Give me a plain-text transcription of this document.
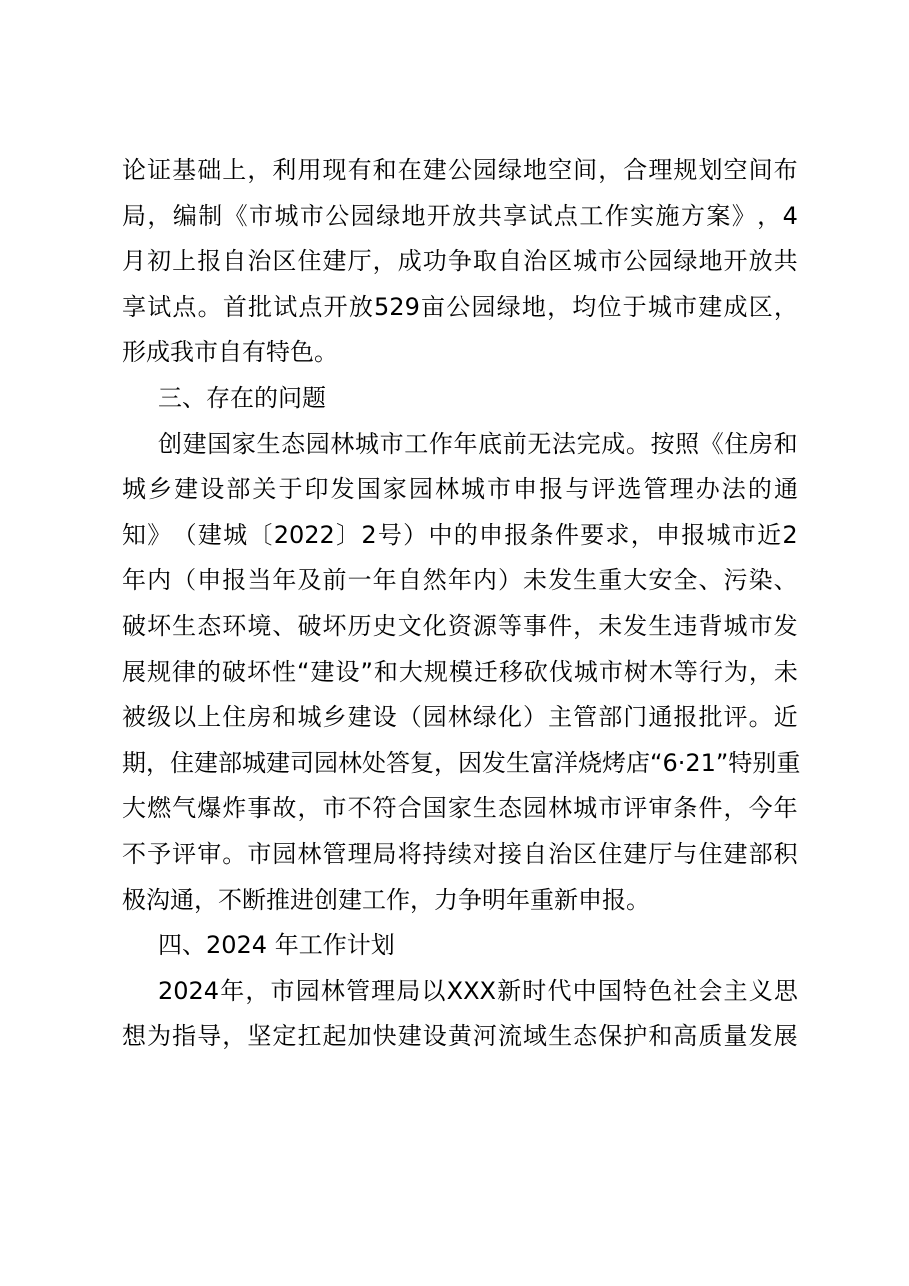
论 证 基 础 上 ， 利 用 现 有 和 在 建 公 园 绿 地 空 间 ， 合 理 规 划 空 间 布
局 ， 编 制 《 市 城 市 公 园 绿 地 开 放 共 享 试 点 工 作 实 施 方 案 》 ， 4
月 初 上 报 自 治 区 住 建 厅 ， 成 功 争 取 自 治 区 城 市 公 园 绿 地 开 放 共
享 试 点 。 首 批 试 点 开 放 529 亩 公 园 绿 地 ， 均 位 于 城 市 建 成 区 ，
形成我市自有特色。
三、存在的问题
创 建 国 家 生 态 园 林 城 市 工 作 年 底 前 无 法 完 成 。 按 照 《 住 房 和
城 乡 建 设 部 关 于 印 发 国 家 园 林 城 市 申 报 与 评 选 管 理 办 法 的 通
知 》 （ 建 城 〔 2022 〕 2 号 ） 中 的 申 报 条 件 要 求 ， 申 报 城 市 近 2
年 内 （ 申 报 当 年 及 前 一 年 自 然 年 内 ） 未 发 生 重 大 安 全 、 污 染 、
破 坏 生 态 环 境 、 破 坏 历 史 文 化 资 源 等 事 件 ， 未 发 生 违 背 城 市 发
展 规 律 的 破 坏 性 “ 建 设 ” 和 大 规 模 迁 移 砍 伐 城 市 树 木 等 行 为 ， 未
被 级 以 上 住 房 和 城 乡 建 设 （ 园 林 绿 化 ） 主 管 部 门 通 报 批 评 。 近
期 ， 住 建 部 城 建 司 园 林 处 答 复 ， 因 发 生 富 洋 烧 烤 店 “ 6·21 ” 特 别 重
大 燃 气 爆 炸 事 故 ， 市 不 符 合 国 家 生 态 园 林 城 市 评 审 条 件 ， 今 年
不 予 评 审 。 市 园 林 管 理 局 将 持 续 对 接 自 治 区 住 建 厅 与 住 建 部 积
极沟通，不断推进创建工作，力争明年重新申报。
四、2024 年工作计划
2024 年 ， 市 园 林 管 理 局 以 XXX 新 时 代 中 国 特 色 社 会 主 义 思
想 为 指 导 ， 坚 定 扛 起 加 快 建 设 黄 河 流 域 生 态 保 护 和 高 质 量 发 展
